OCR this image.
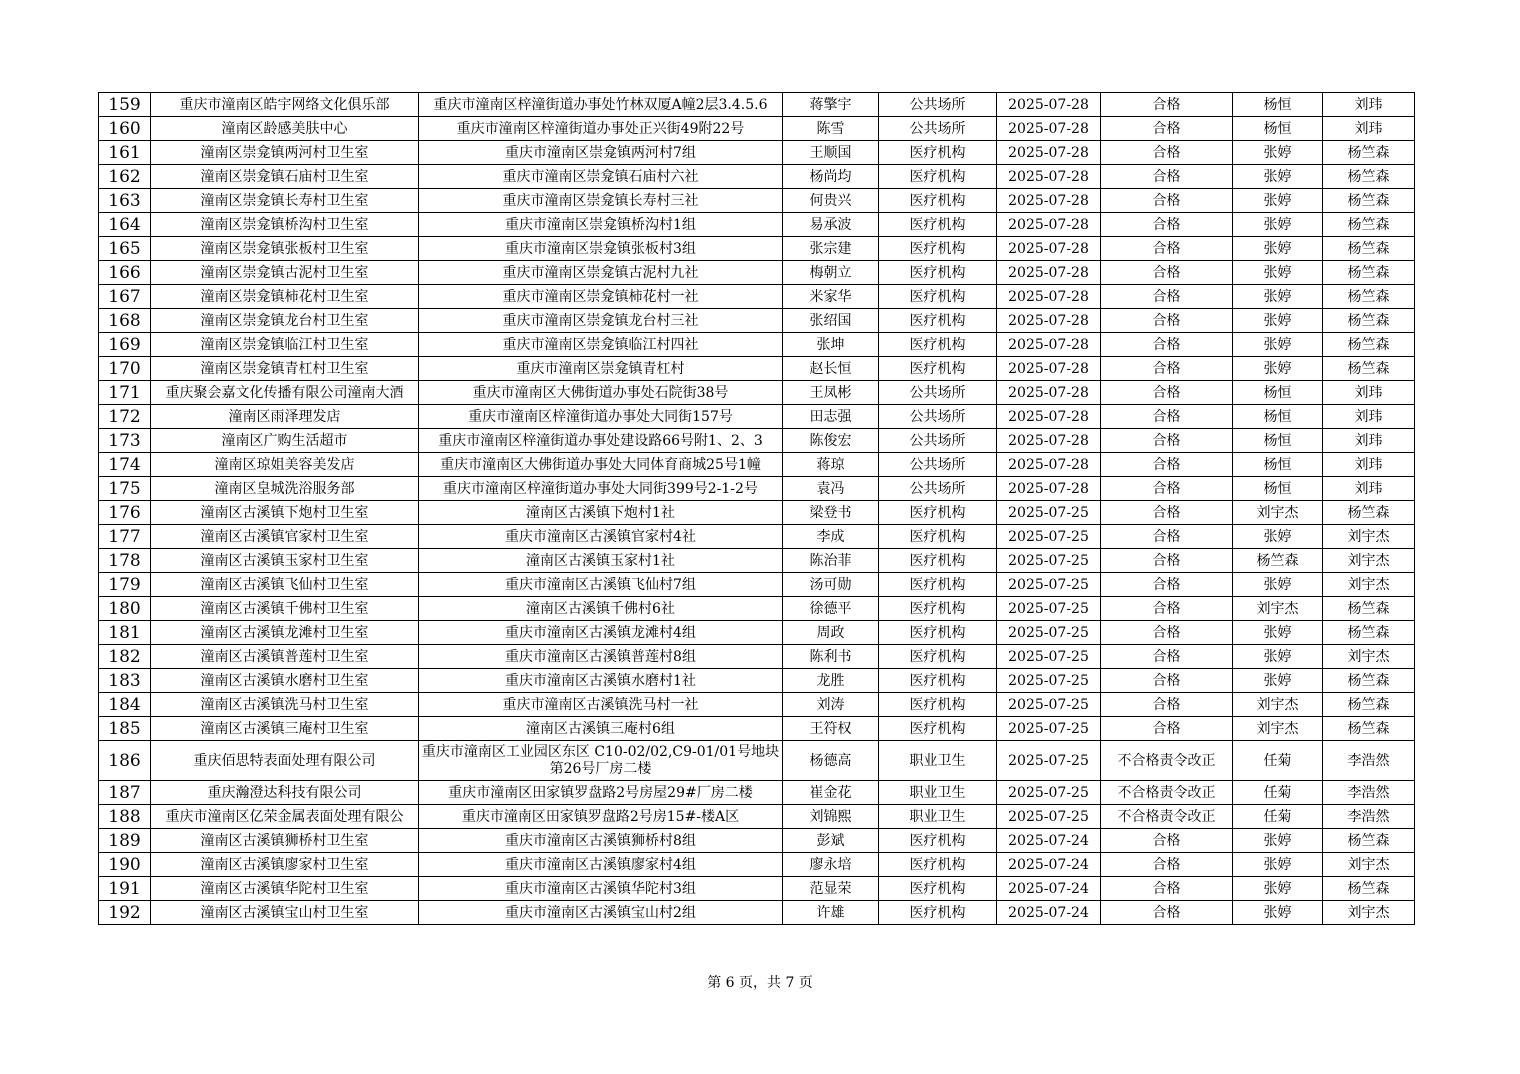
159	重庆市潼南区皓宇网络文化俱乐部	重庆市潼南区梓潼街道办事处竹林双厦A幢2层3.4.5.6	蒋擎宇	公共场所	2025-07-28	合格	杨恒	刘玮
160	潼南区龄感美肤中心	重庆市潼南区梓潼街道办事处正兴街49附22号	陈雪	公共场所	2025-07-28	合格	杨恒	刘玮
161	潼南区崇龛镇两河村卫生室	重庆市潼南区崇龛镇两河村7组	王顺国	医疗机构	2025-07-28	合格	张婷	杨竺森
162	潼南区崇龛镇石庙村卫生室	重庆市潼南区崇龛镇石庙村六社	杨尚均	医疗机构	2025-07-28	合格	张婷	杨竺森
163	潼南区崇龛镇长寿村卫生室	重庆市潼南区崇龛镇长寿村三社	何贵兴	医疗机构	2025-07-28	合格	张婷	杨竺森
164	潼南区崇龛镇桥沟村卫生室	重庆市潼南区崇龛镇桥沟村1组	易承波	医疗机构	2025-07-28	合格	张婷	杨竺森
165	潼南区崇龛镇张板村卫生室	重庆市潼南区崇龛镇张板村3组	张宗建	医疗机构	2025-07-28	合格	张婷	杨竺森
166	潼南区崇龛镇古泥村卫生室	重庆市潼南区崇龛镇古泥村九社	梅朝立	医疗机构	2025-07-28	合格	张婷	杨竺森
167	潼南区崇龛镇柿花村卫生室	重庆市潼南区崇龛镇柿花村一社	米家华	医疗机构	2025-07-28	合格	张婷	杨竺森
168	潼南区崇龛镇龙台村卫生室	重庆市潼南区崇龛镇龙台村三社	张绍国	医疗机构	2025-07-28	合格	张婷	杨竺森
169	潼南区崇龛镇临江村卫生室	重庆市潼南区崇龛镇临江村四社	张坤	医疗机构	2025-07-28	合格	张婷	杨竺森
170	潼南区崇龛镇青杠村卫生室	重庆市潼南区崇龛镇青杠村	赵长恒	医疗机构	2025-07-28	合格	张婷	杨竺森
171	重庆聚会嘉文化传播有限公司潼南大酒	重庆市潼南区大佛街道办事处石院街38号	王凤彬	公共场所	2025-07-28	合格	杨恒	刘玮
172	潼南区雨泽理发店	重庆市潼南区梓潼街道办事处大同街157号	田志强	公共场所	2025-07-28	合格	杨恒	刘玮
173	潼南区广购生活超市	重庆市潼南区梓潼街道办事处建设路66号附1、2、3	陈俊宏	公共场所	2025-07-28	合格	杨恒	刘玮
174	潼南区琼姐美容美发店	重庆市潼南区大佛街道办事处大同体育商城25号1幢	蒋琼	公共场所	2025-07-28	合格	杨恒	刘玮
175	潼南区皇城洗浴服务部	重庆市潼南区梓潼街道办事处大同街399号2-1-2号	袁冯	公共场所	2025-07-28	合格	杨恒	刘玮
176	潼南区古溪镇下炮村卫生室	潼南区古溪镇下炮村1社	梁登书	医疗机构	2025-07-25	合格	刘宇杰	杨竺森
177	潼南区古溪镇官家村卫生室	重庆市潼南区古溪镇官家村4社	李成	医疗机构	2025-07-25	合格	张婷	刘宇杰
178	潼南区古溪镇玉家村卫生室	潼南区古溪镇玉家村1社	陈治菲	医疗机构	2025-07-25	合格	杨竺森	刘宇杰
179	潼南区古溪镇飞仙村卫生室	重庆市潼南区古溪镇飞仙村7组	汤可勋	医疗机构	2025-07-25	合格	张婷	刘宇杰
180	潼南区古溪镇千佛村卫生室	潼南区古溪镇千佛村6社	徐德平	医疗机构	2025-07-25	合格	刘宇杰	杨竺森
181	潼南区古溪镇龙滩村卫生室	重庆市潼南区古溪镇龙滩村4组	周政	医疗机构	2025-07-25	合格	张婷	杨竺森
182	潼南区古溪镇普莲村卫生室	重庆市潼南区古溪镇普莲村8组	陈利书	医疗机构	2025-07-25	合格	张婷	刘宇杰
183	潼南区古溪镇水磨村卫生室	重庆市潼南区古溪镇水磨村1社	龙胜	医疗机构	2025-07-25	合格	张婷	杨竺森
184	潼南区古溪镇洗马村卫生室	重庆市潼南区古溪镇洗马村一社	刘涛	医疗机构	2025-07-25	合格	刘宇杰	杨竺森
185	潼南区古溪镇三庵村卫生室	潼南区古溪镇三庵村6组	王符权	医疗机构	2025-07-25	合格	刘宇杰	杨竺森
186	重庆佰思特表面处理有限公司	重庆市潼南区工业园区东区 C10-02/02,C9-01/01号地块第26号厂房二楼	杨德高	职业卫生	2025-07-25	不合格责令改正	任菊	李浩然
187	重庆瀚澄达科技有限公司	重庆市潼南区田家镇罗盘路2号房屋29#厂房二楼	崔金花	职业卫生	2025-07-25	不合格责令改正	任菊	李浩然
188	重庆市潼南区亿荣金属表面处理有限公	重庆市潼南区田家镇罗盘路2号房15#-楼A区	刘锦熙	职业卫生	2025-07-25	不合格责令改正	任菊	李浩然
189	潼南区古溪镇狮桥村卫生室	重庆市潼南区古溪镇狮桥村8组	彭斌	医疗机构	2025-07-24	合格	张婷	杨竺森
190	潼南区古溪镇廖家村卫生室	重庆市潼南区古溪镇廖家村4组	廖永培	医疗机构	2025-07-24	合格	张婷	刘宇杰
191	潼南区古溪镇华陀村卫生室	重庆市潼南区古溪镇华陀村3组	范显荣	医疗机构	2025-07-24	合格	张婷	杨竺森
192	潼南区古溪镇宝山村卫生室	重庆市潼南区古溪镇宝山村2组	许雄	医疗机构	2025-07-24	合格	张婷	刘宇杰
第 6 页，共 7 页
